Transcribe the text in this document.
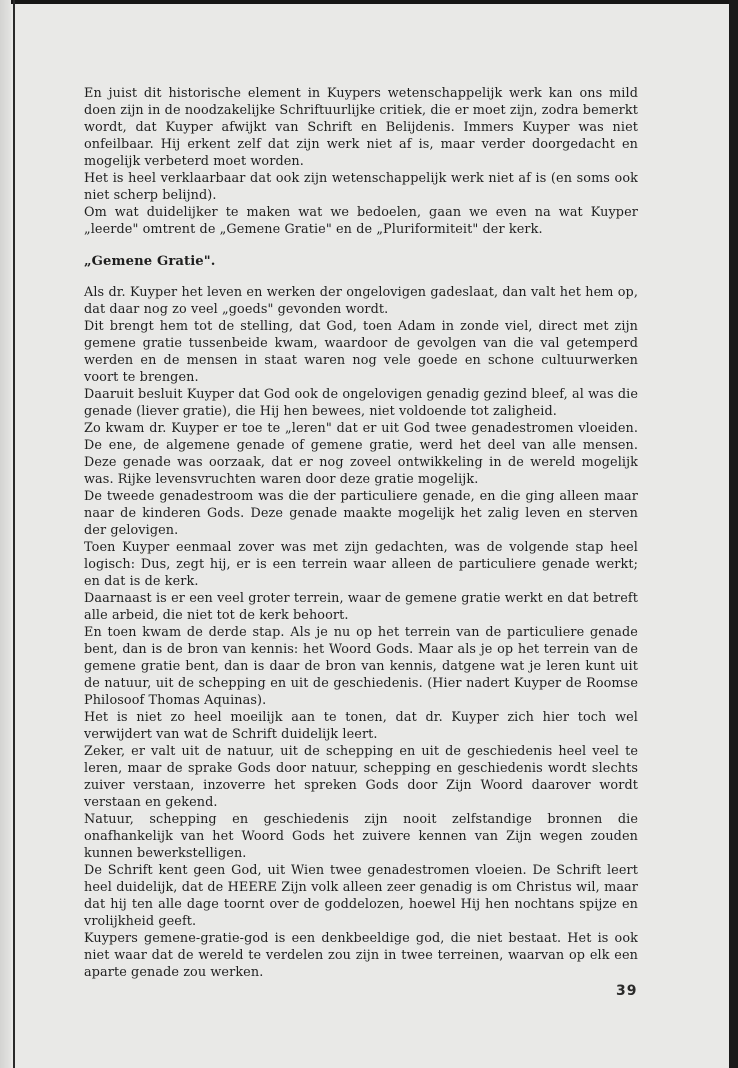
En juist dit historische element in Kuypers wetenschappelijk werk kan ons mild doen zijn in de noodzakelijke Schriftuurlijke critiek, die er moet zijn, zodra bemerkt wordt, dat Kuyper afwijkt van Schrift en Belijdenis. Immers Kuyper was niet onfeilbaar. Hij erkent zelf dat zijn werk niet af is, maar verder doorgedacht en mogelijk verbeterd moet worden.

Het is heel verklaarbaar dat ook zijn wetenschappelijk werk niet af is (en soms ook niet scherp belijnd).

Om wat duidelijker te maken wat we bedoelen, gaan we even na wat Kuyper „leerde" omtrent de „Gemene Gratie" en de „Pluriformiteit" der kerk.

„Gemene Gratie".

Als dr. Kuyper het leven en werken der ongelovigen gadeslaat, dan valt het hem op, dat daar nog zo veel „goeds" gevonden wordt.

Dit brengt hem tot de stelling, dat God, toen Adam in zonde viel, direct met zijn gemene gratie tussenbeide kwam, waardoor de gevolgen van die val getemperd werden en de mensen in staat waren nog vele goede en schone cultuurwerken voort te brengen.

Daaruit besluit Kuyper dat God ook de ongelovigen genadig gezind bleef, al was die genade (liever gratie), die Hij hen bewees, niet voldoende tot zaligheid.

Zo kwam dr. Kuyper er toe te „leren" dat er uit God twee genadestromen vloeiden. De ene, de algemene genade of gemene gratie, werd het deel van alle mensen. Deze genade was oorzaak, dat er nog zoveel ontwikkeling in de wereld mogelijk was. Rijke levensvruchten waren door deze gratie mogelijk.

De tweede genadestroom was die der particuliere genade, en die ging alleen maar naar de kinderen Gods. Deze genade maakte mogelijk het zalig leven en sterven der gelovigen.

Toen Kuyper eenmaal zover was met zijn gedachten, was de volgende stap heel logisch: Dus, zegt hij, er is een terrein waar alleen de particuliere genade werkt; en dat is de kerk.

Daarnaast is er een veel groter terrein, waar de gemene gratie werkt en dat betreft alle arbeid, die niet tot de kerk behoort.

En toen kwam de derde stap. Als je nu op het terrein van de particuliere genade bent, dan is de bron van kennis: het Woord Gods. Maar als je op het terrein van de gemene gratie bent, dan is daar de bron van kennis, datgene wat je leren kunt uit de natuur, uit de schepping en uit de geschiedenis. (Hier nadert Kuyper de Roomse Philosoof Thomas Aquinas).

Het is niet zo heel moeilijk aan te tonen, dat dr. Kuyper zich hier toch wel verwijdert van wat de Schrift duidelijk leert.

Zeker, er valt uit de natuur, uit de schepping en uit de geschiedenis heel veel te leren, maar de sprake Gods door natuur, schepping en geschiedenis wordt slechts zuiver verstaan, inzoverre het spreken Gods door Zijn Woord daarover wordt verstaan en gekend.

Natuur, schepping en geschiedenis zijn nooit zelfstandige bronnen die onafhankelijk van het Woord Gods het zuivere kennen van Zijn wegen zouden kunnen bewerkstelligen.

De Schrift kent geen God, uit Wien twee genadestromen vloeien. De Schrift leert heel duidelijk, dat de HEERE Zijn volk alleen zeer genadig is om Christus wil, maar dat hij ten alle dage toornt over de goddelozen, hoewel Hij hen nochtans spijze en vrolijkheid geeft.

Kuypers gemene-gratie-god is een denkbeeldige god, die niet bestaat. Het is ook niet waar dat de wereld te verdelen zou zijn in twee terreinen, waarvan op elk een aparte genade zou werken.

39
